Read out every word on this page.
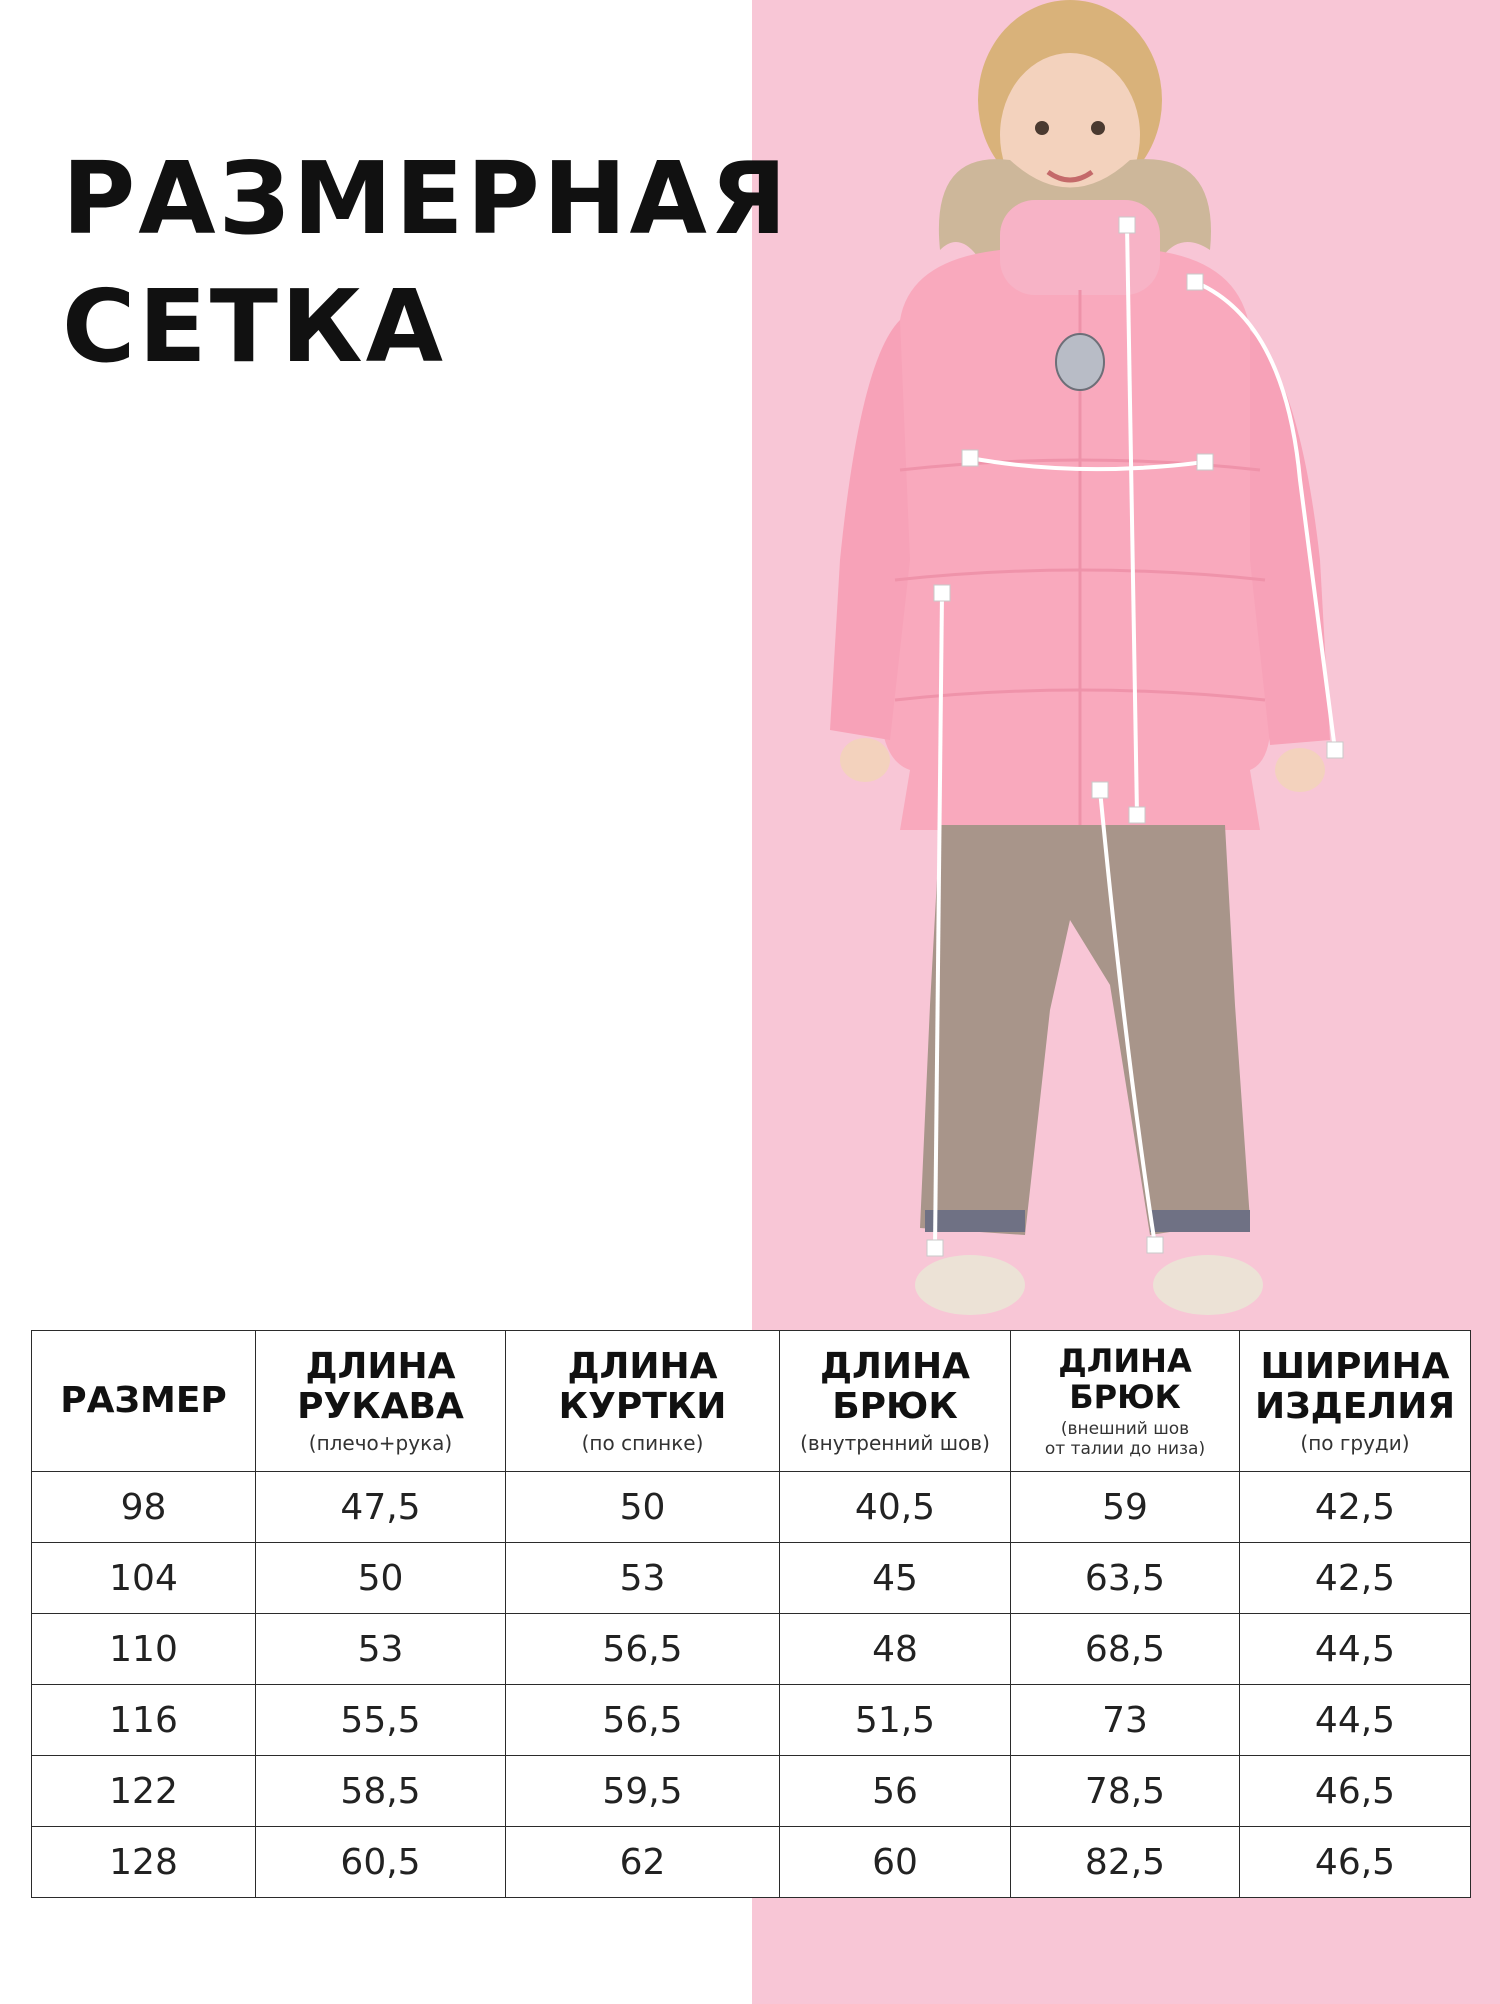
РАЗМЕРНАЯ
СЕТКА
РАЗМЕР	ДЛИНА
РУКАВА
(плечо+рука)	ДЛИНА
КУРТКИ
(по спинке)	ДЛИНА
БРЮК
(внутренний шов)	ДЛИНА
БРЮК
(внешний шов
от талии до низа)	ШИРИНА
ИЗДЕЛИЯ
(по груди)

98	47,5	50	40,5	59	42,5
104	50	53	45	63,5	42,5
110	53	56,5	48	68,5	44,5
116	55,5	56,5	51,5	73	44,5
122	58,5	59,5	56	78,5	46,5
128	60,5	62	60	82,5	46,5
